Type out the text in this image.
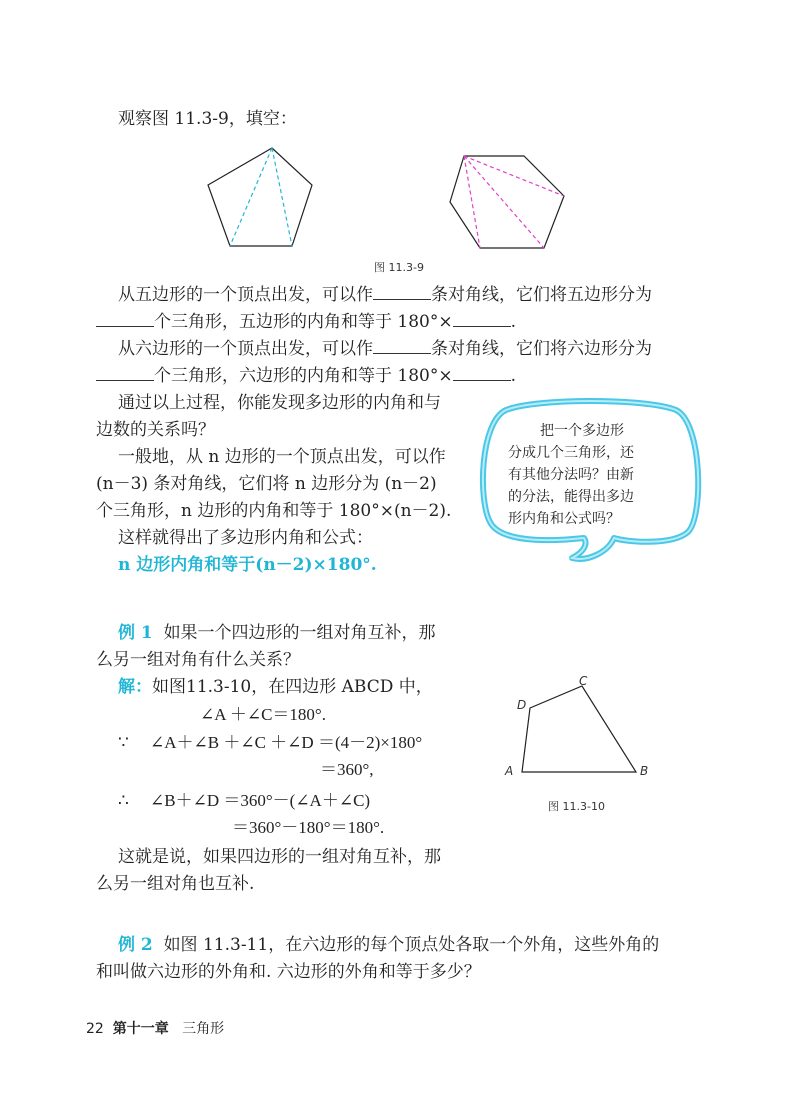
观察图 11.3-9，填空：
图 11.3-9
从五边形的一个顶点出发，可以作	条对角线，它们将五边形分为
个三角形，五边形的内角和等于 180°×	.
从六边形的一个顶点出发，可以作	条对角线，它们将六边形分为
个三角形，六边形的内角和等于 180°×	.
通过以上过程，你能发现多边形的内角和与
边数的关系吗？
一般地，从 n 边形的一个顶点出发，可以作
(n－3) 条对角线，它们将 n 边形分为 (n－2)
个三角形，n 边形的内角和等于 180°×(n－2).
这样就得出了多边形内角和公式：
n 边形内角和等于(n－2)×180°.
把一个多边形
分成几个三角形，还
有其他分法吗？由新
的分法，能得出多边
形内角和公式吗？
例 1 如果一个四边形的一组对角互补，那
么另一组对角有什么关系？
解：如图11.3-10，在四边形 ABCD 中，
∠A ＋∠C＝180°.
∵ ∠A＋∠B ＋∠C ＋∠D ＝(4－2)×180°
＝360°,
∴ ∠B＋∠D ＝360°－(∠A＋∠C)
＝360°－180°＝180°.
这就是说，如果四边形的一组对角互补，那
么另一组对角也互补.
A	B
C
D
图 11.3-10
例 2 如图 11.3-11，在六边形的每个顶点处各取一个外角，这些外角的
和叫做六边形的外角和. 六边形的外角和等于多少？
22 第十一章 三角形
